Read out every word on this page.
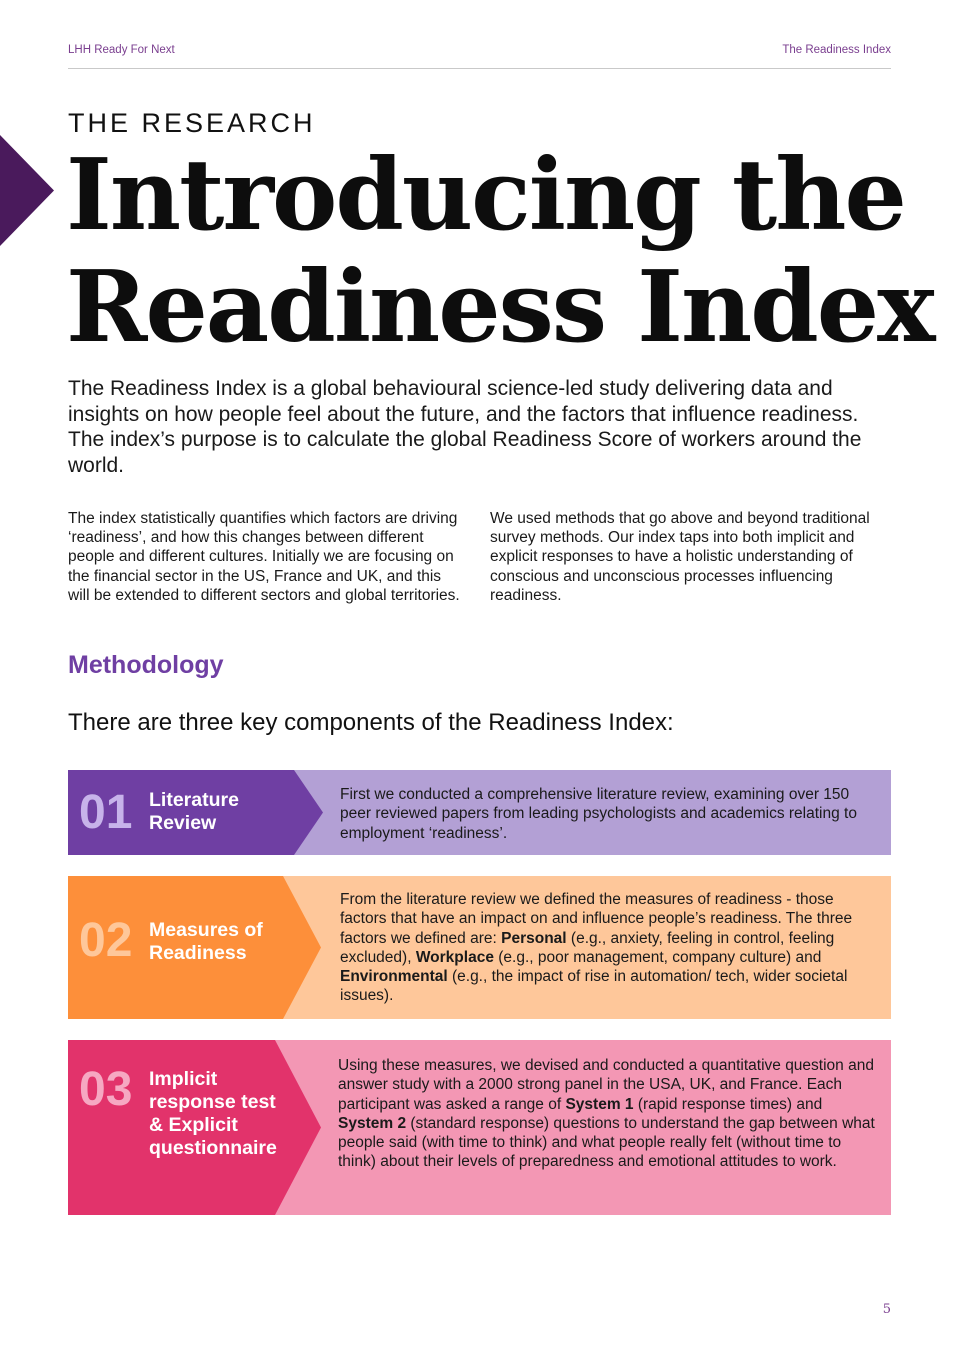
LHH Ready For Next	The Readiness Index

THE RESEARCH

Introducing the Readiness Index

The Readiness Index is a global behavioural science-led study delivering data and insights on how people feel about the future, and the factors that influence readiness. The index’s purpose is to calculate the global Readiness Score of workers around the world.

The index statistically quantifies which factors are driving ‘readiness’, and how this changes between different people and different cultures. Initially we are focusing on the financial sector in the US, France and UK, and this will be extended to different sectors and global territories.

We used methods that go above and beyond traditional survey methods. Our index taps into both implicit and explicit responses to have a holistic understanding of conscious and unconscious processes influencing readiness.

Methodology

There are three key components of the Readiness Index:

01 Literature Review

First we conducted a comprehensive literature review, examining over 150 peer reviewed papers from leading psychologists and academics relating to employment ‘readiness’.

02 Measures of Readiness

From the literature review we defined the measures of readiness - those factors that have an impact on and influence people’s readiness. The three factors we defined are: Personal (e.g., anxiety, feeling in control, feeling excluded), Workplace (e.g., poor management, company culture) and Environmental (e.g., the impact of rise in automation/ tech, wider societal issues).

03 Implicit response test & Explicit questionnaire

Using these measures, we devised and conducted a quantitative question and answer study with a 2000 strong panel in the USA, UK, and France. Each participant was asked a range of System 1 (rapid response times) and System 2 (standard response) questions to understand the gap between what people said (with time to think) and what people really felt (without time to think) about their levels of preparedness and emotional attitudes to work.

5
